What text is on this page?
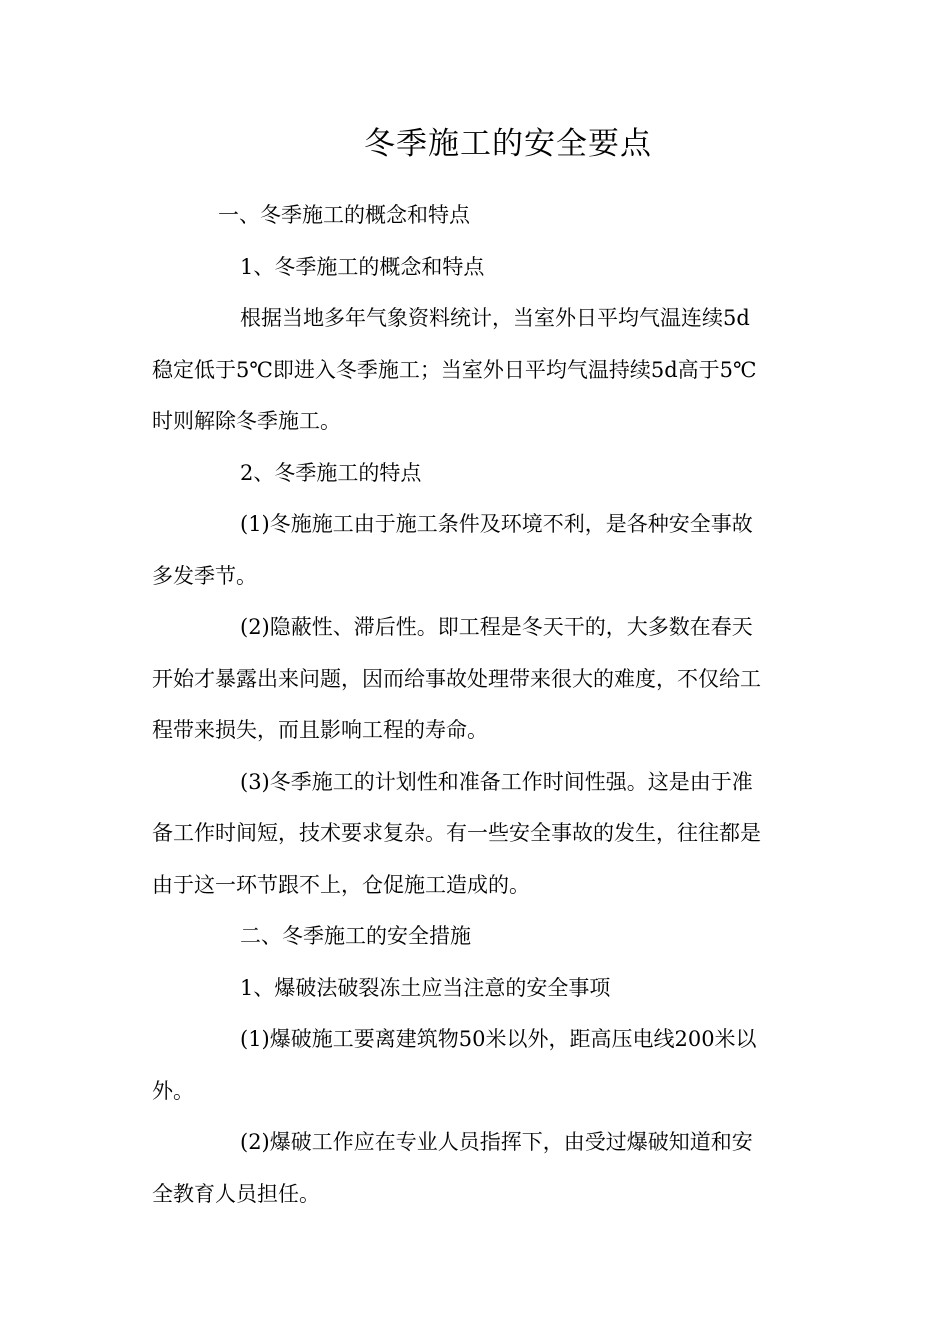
冬季施工的安全要点

一、冬季施工的概念和特点

1、冬季施工的概念和特点

根据当地多年气象资料统计，当室外日平均气温连续5d
稳定低于5℃即进入冬季施工；当室外日平均气温持续5d高于5℃
时则解除冬季施工。

2、冬季施工的特点

(1)冬施施工由于施工条件及环境不利，是各种安全事故
多发季节。

(2)隐蔽性、滞后性。即工程是冬天干的，大多数在春天
开始才暴露出来问题，因而给事故处理带来很大的难度，不仅给工
程带来损失，而且影响工程的寿命。

(3)冬季施工的计划性和准备工作时间性强。这是由于准
备工作时间短，技术要求复杂。有一些安全事故的发生，往往都是
由于这一环节跟不上，仓促施工造成的。

二、冬季施工的安全措施

1、爆破法破裂冻土应当注意的安全事项

(1)爆破施工要离建筑物50米以外，距高压电线200米以
外。

(2)爆破工作应在专业人员指挥下，由受过爆破知道和安
全教育人员担任。
